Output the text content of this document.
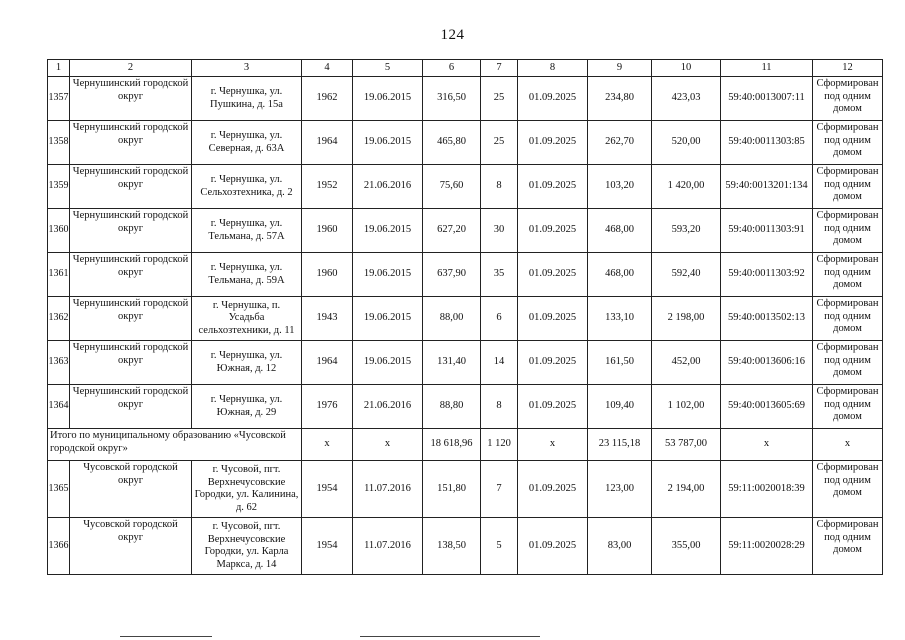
124
1	2	3	4	5	6	7	8	9	10	11	12
1357	Чернушинский городской округ	г. Чернушка, ул. Пушкина, д. 15а	1962	19.06.2015	316,50	25	01.09.2025	234,80	423,03	59:40:0013007:11	Сформирован под одним домом
1358	Чернушинский городской округ	г. Чернушка, ул. Северная, д. 63А	1964	19.06.2015	465,80	25	01.09.2025	262,70	520,00	59:40:0011303:85	Сформирован под одним домом
1359	Чернушинский городской округ	г. Чернушка, ул. Сельхозтехника, д. 2	1952	21.06.2016	75,60	8	01.09.2025	103,20	1 420,00	59:40:0013201:134	Сформирован под одним домом
1360	Чернушинский городской округ	г. Чернушка, ул. Тельмана, д. 57А	1960	19.06.2015	627,20	30	01.09.2025	468,00	593,20	59:40:0011303:91	Сформирован под одним домом
1361	Чернушинский городской округ	г. Чернушка, ул. Тельмана, д. 59А	1960	19.06.2015	637,90	35	01.09.2025	468,00	592,40	59:40:0011303:92	Сформирован под одним домом
1362	Чернушинский городской округ	г. Чернушка, п. Усадьба сельхозтехники, д. 11	1943	19.06.2015	88,00	6	01.09.2025	133,10	2 198,00	59:40:0013502:13	Сформирован под одним домом
1363	Чернушинский городской округ	г. Чернушка, ул. Южная, д. 12	1964	19.06.2015	131,40	14	01.09.2025	161,50	452,00	59:40:0013606:16	Сформирован под одним домом
1364	Чернушинский городской округ	г. Чернушка, ул. Южная, д. 29	1976	21.06.2016	88,80	8	01.09.2025	109,40	1 102,00	59:40:0013605:69	Сформирован под одним домом
Итого по муниципальному образованию «Чусовской городской округ»			x	x	18 618,96	1 120	x	23 115,18	53 787,00	x	x
1365	Чусовской городской округ	г. Чусовой, пгт. Верхнечусовские Городки, ул. Калинина, д. 62	1954	11.07.2016	151,80	7	01.09.2025	123,00	2 194,00	59:11:0020018:39	Сформирован под одним домом
1366	Чусовской городской округ	г. Чусовой, пгт. Верхнечусовские Городки, ул. Карла Маркса, д. 14	1954	11.07.2016	138,50	5	01.09.2025	83,00	355,00	59:11:0020028:29	Сформирован под одним домом
